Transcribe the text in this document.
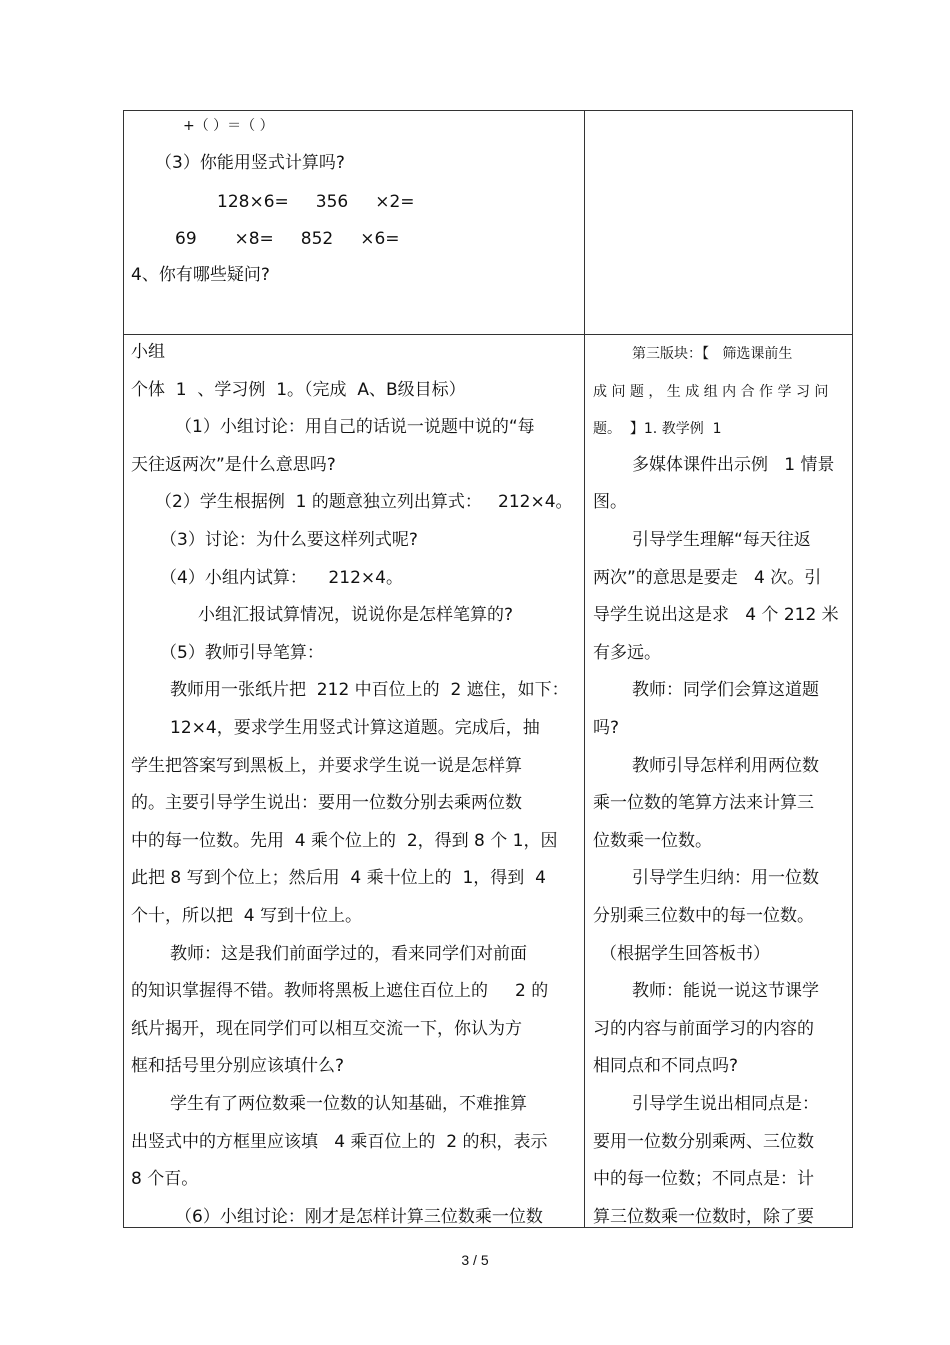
+（ ）＝（ ）
（3）你能用竖式计算吗?
128×6=     356     ×2=
69       ×8=     852     ×6=
4、你有哪些疑问?
小组
个体  1  、学习例  1。（完成  A、B级目标）
（1）小组讨论：用自己的话说一说题中说的“每
天往返两次”是什么意思吗?
（2）学生根据例  1 的题意独立列出算式：   212×4。
（3）讨论：为什么要这样列式呢?
（4）小组内试算：    212×4。
小组汇报试算情况，说说你是怎样笔算的?
（5）教师引导笔算：
教师用一张纸片把  212 中百位上的  2 遮住，如下：
12×4，要求学生用竖式计算这道题。完成后，抽
学生把答案写到黑板上，并要求学生说一说是怎样算
的。主要引导学生说出：要用一位数分别去乘两位数
中的每一位数。先用  4 乘个位上的  2，得到 8 个 1，因
此把 8 写到个位上；然后用  4 乘十位上的  1，得到  4
个十，所以把  4 写到十位上。
教师：这是我们前面学过的，看来同学们对前面
的知识掌握得不错。教师将黑板上遮住百位上的     2 的
纸片揭开，现在同学们可以相互交流一下，你认为方
框和括号里分别应该填什么?
学生有了两位数乘一位数的认知基础，不难推算
出竖式中的方框里应该填   4 乘百位上的  2 的积，表示
8 个百。
（6）小组讨论：刚才是怎样计算三位数乘一位数
第三版块：【   筛选课前生
成 问 题 ， 生 成 组 内 合 作 学 习 问
题。  】1. 教学例  1
多媒体课件出示例   1 情景
图。
引导学生理解“每天往返
两次”的意思是要走   4 次。引
导学生说出这是求   4 个 212 米
有多远。
教师：同学们会算这道题
吗?
教师引导怎样利用两位数
乘一位数的笔算方法来计算三
位数乘一位数。
引导学生归纳：用一位数
分别乘三位数中的每一位数。
（根据学生回答板书）
教师：能说一说这节课学
习的内容与前面学习的内容的
相同点和不同点吗?
引导学生说出相同点是：
要用一位数分别乘两、三位数
中的每一位数；不同点是：计
算三位数乘一位数时，除了要
3 / 5
